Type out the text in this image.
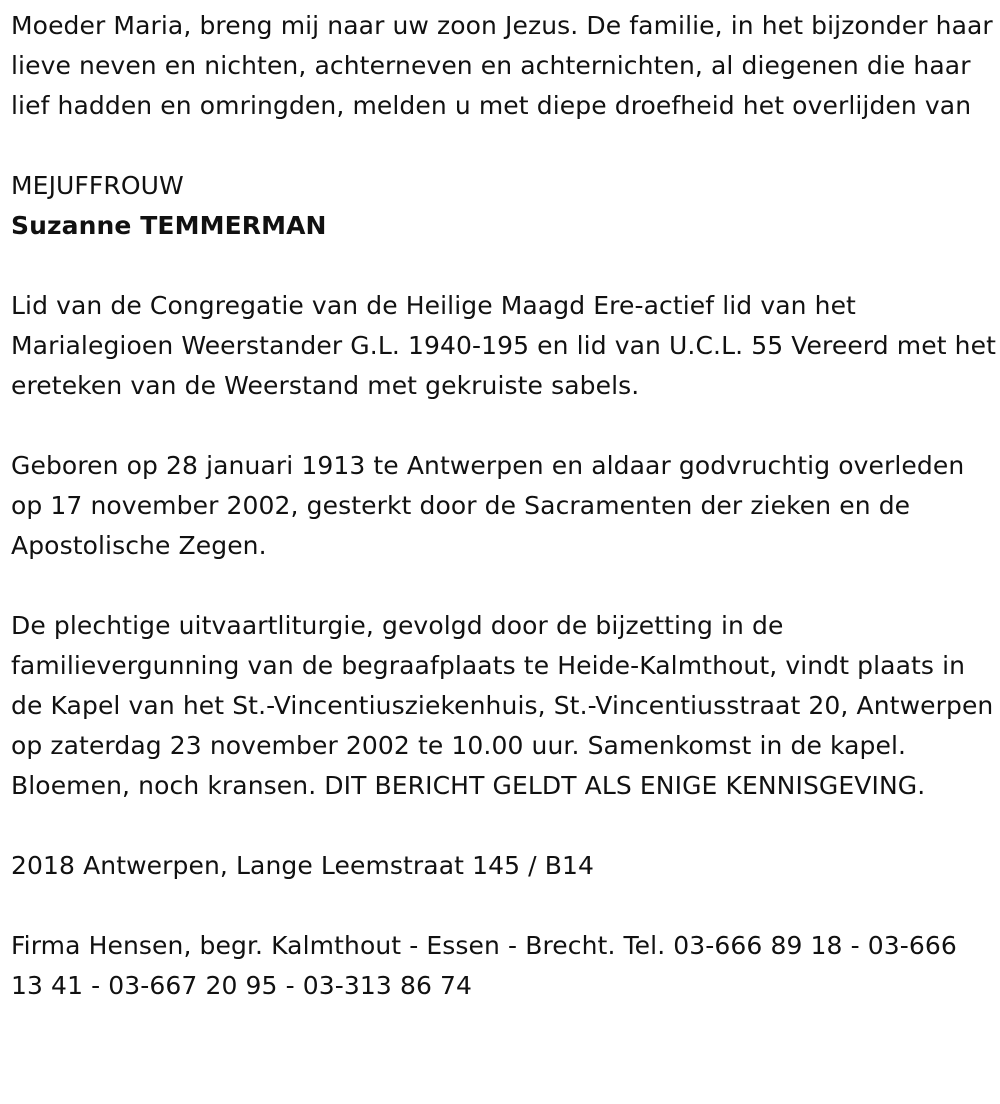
Moeder Maria, breng mij naar uw zoon Jezus. De familie, in het bijzonder haar lieve neven en nichten, achterneven en achternichten, al diegenen die haar lief hadden en omringden, melden u met diepe droefheid het overlijden van

MEJUFFROUW
Suzanne TEMMERMAN

Lid van de Congregatie van de Heilige Maagd Ere-actief lid van het Marialegioen Weerstander G.L. 1940-195 en lid van U.C.L. 55 Vereerd met het ereteken van de Weerstand met gekruiste sabels.

Geboren op 28 januari 1913 te Antwerpen en aldaar godvruchtig overleden op 17 november 2002, gesterkt door de Sacramenten der zieken en de Apostolische Zegen.

De plechtige uitvaartliturgie, gevolgd door de bijzetting in de familievergunning van de begraafplaats te Heide-Kalmthout, vindt plaats in de Kapel van het St.-Vincentiusziekenhuis, St.-Vincentiusstraat 20, Antwerpen op zaterdag 23 november 2002 te 10.00 uur. Samenkomst in de kapel. Bloemen, noch kransen. DIT BERICHT GELDT ALS ENIGE KENNISGEVING.

2018 Antwerpen, Lange Leemstraat 145 / B14

Firma Hensen, begr. Kalmthout - Essen - Brecht. Tel. 03-666 89 18 - 03-666 13 41 - 03-667 20 95 - 03-313 86 74
